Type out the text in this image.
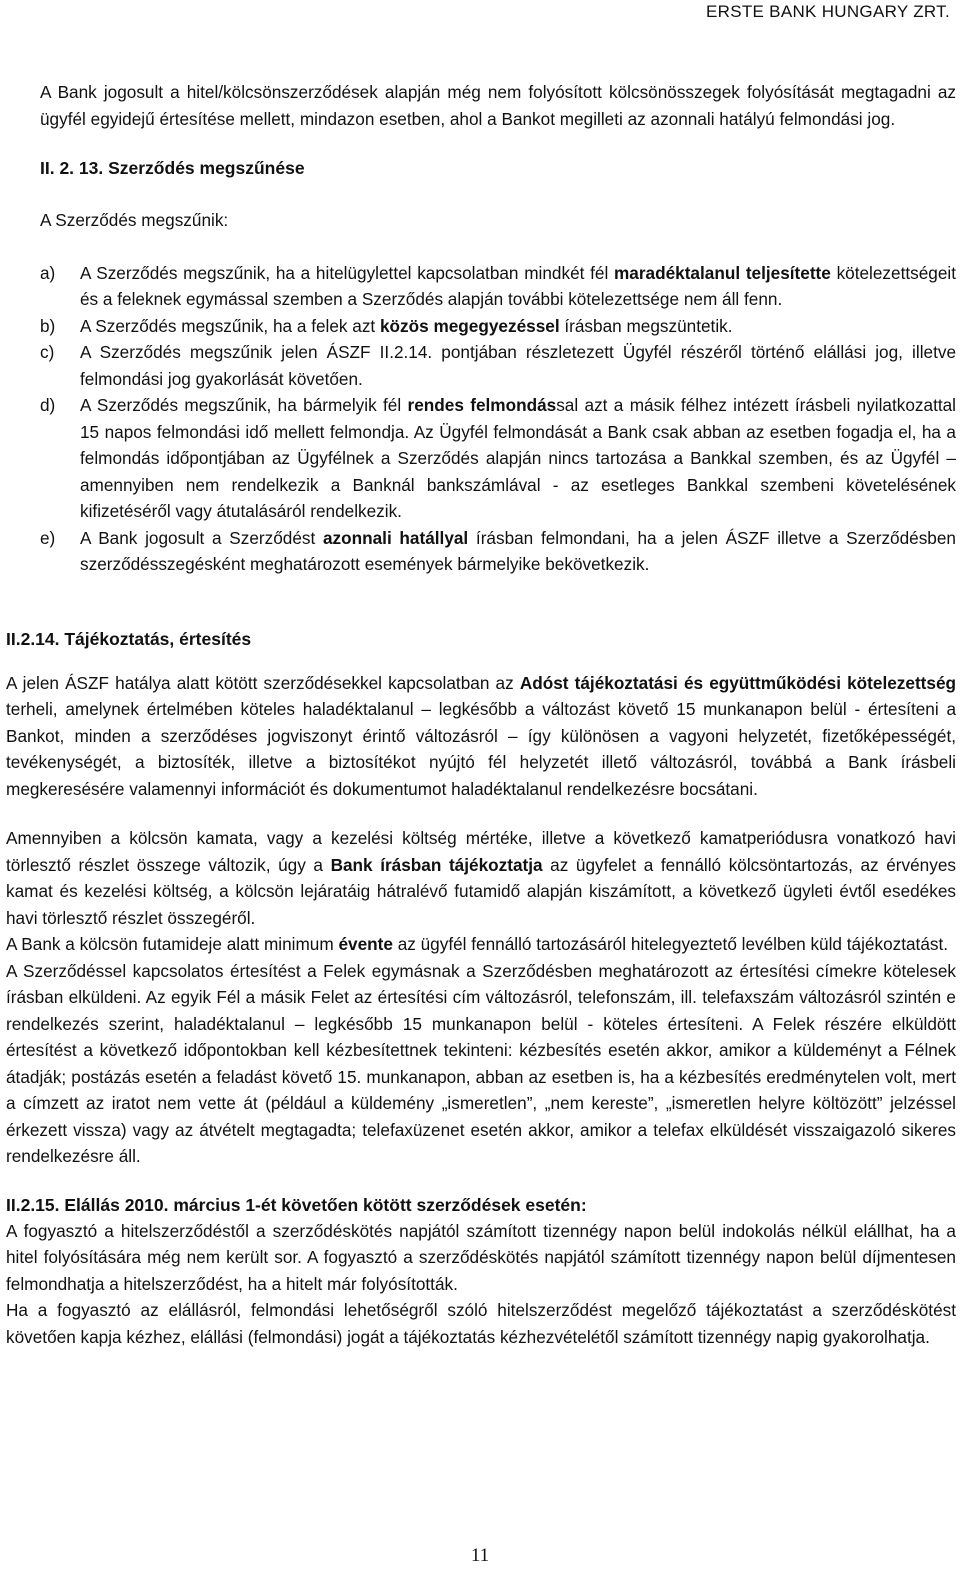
ERSTE BANK HUNGARY ZRT.

A Bank jogosult a hitel/kölcsönszerződések alapján még nem folyósított kölcsönösszegek folyósítását megtagadni az ügyfél egyidejű értesítése mellett, mindazon esetben, ahol a Bankot megilleti az azonnali hatályú felmondási jog.

II. 2. 13. Szerződés megszűnése

A Szerződés megszűnik:

a)	A Szerződés megszűnik, ha a hitelügylettel kapcsolatban mindkét fél maradéktalanul teljesítette kötelezettségeit és a feleknek egymással szemben a Szerződés alapján további kötelezettsége nem áll fenn.
b)	A Szerződés megszűnik, ha a felek azt közös megegyezéssel írásban megszüntetik.
c)	A Szerződés megszűnik jelen ÁSZF II.2.14. pontjában részletezett Ügyfél részéről történő elállási jog, illetve felmondási jog gyakorlását követően.
d)	A Szerződés megszűnik, ha bármelyik fél rendes felmondással azt a másik félhez intézett írásbeli nyilatkozattal 15 napos felmondási idő mellett felmondja. Az Ügyfél felmondását a Bank csak abban az esetben fogadja el, ha a felmondás időpontjában az Ügyfélnek a Szerződés alapján nincs tartozása a Bankkal szemben, és az Ügyfél – amennyiben nem rendelkezik a Banknál bankszámlával - az esetleges Bankkal szembeni követelésének kifizetéséről vagy átutalásáról rendelkezik.
e)	A Bank jogosult a Szerződést azonnali hatállyal írásban felmondani, ha a jelen ÁSZF illetve a Szerződésben szerződésszegésként meghatározott események bármelyike bekövetkezik.
II.2.14. Tájékoztatás, értesítés

A jelen ÁSZF hatálya alatt kötött szerződésekkel kapcsolatban az Adóst tájékoztatási és együttműködési kötelezettség terheli, amelynek értelmében köteles haladéktalanul – legkésőbb a változást követő 15 munkanapon belül - értesíteni a Bankot, minden a szerződéses jogviszonyt érintő változásról – így különösen a vagyoni helyzetét, fizetőképességét, tevékenységét, a biztosíték, illetve a biztosítékot nyújtó fél helyzetét illető változásról, továbbá a Bank írásbeli megkeresésére valamennyi információt és dokumentumot haladéktalanul rendelkezésre bocsátani.

Amennyiben a kölcsön kamata, vagy a kezelési költség mértéke, illetve a következő kamatperiódusra vonatkozó havi törlesztő részlet összege változik, úgy a Bank írásban tájékoztatja az ügyfelet a fennálló kölcsöntartozás, az érvényes kamat és kezelési költség, a kölcsön lejáratáig hátralévő futamidő alapján kiszámított, a következő ügyleti évtől esedékes havi törlesztő részlet összegéről.

A Bank a kölcsön futamideje alatt minimum évente az ügyfél fennálló tartozásáról hitelegyeztető levélben küld tájékoztatást.

A Szerződéssel kapcsolatos értesítést a Felek egymásnak a Szerződésben meghatározott az értesítési címekre kötelesek írásban elküldeni. Az egyik Fél a másik Felet az értesítési cím változásról, telefonszám, ill. telefaxszám változásról szintén e rendelkezés szerint, haladéktalanul – legkésőbb 15 munkanapon belül - köteles értesíteni. A Felek részére elküldött értesítést a következő időpontokban kell kézbesítettnek tekinteni: kézbesítés esetén akkor, amikor a küldeményt a Félnek átadják; postázás esetén a feladást követő 15. munkanapon, abban az esetben is, ha a kézbesítés eredménytelen volt, mert a címzett az iratot nem vette át (például a küldemény „ismeretlen”, „nem kereste”, „ismeretlen helyre költözött” jelzéssel érkezett vissza) vagy az átvételt megtagadta; telefaxüzenet esetén akkor, amikor a telefax elküldését visszaigazoló sikeres rendelkezésre áll.

II.2.15. Elállás 2010. március 1-ét követően kötött szerződések esetén:

A fogyasztó a hitelszerződéstől a szerződéskötés napjától számított tizennégy napon belül indokolás nélkül elállhat, ha a hitel folyósítására még nem került sor. A fogyasztó a szerződéskötés napjától számított tizennégy napon belül díjmentesen felmondhatja a hitelszerződést, ha a hitelt már folyósították.

Ha a fogyasztó az elállásról, felmondási lehetőségről szóló hitelszerződést megelőző tájékoztatást a szerződéskötést követően kapja kézhez, elállási (felmondási) jogát a tájékoztatás kézhezvételétől számított tizennégy napig gyakorolhatja.

11
